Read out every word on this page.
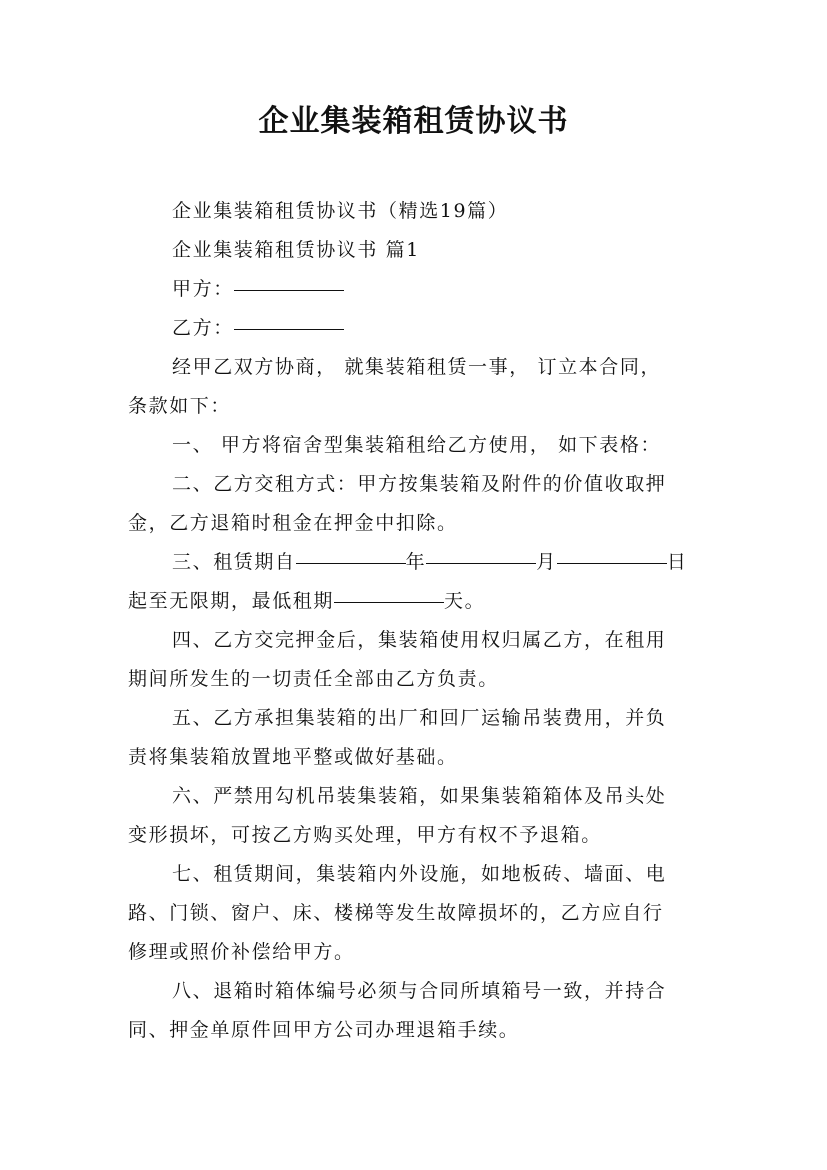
企业集装箱租赁协议书
企业集装箱租赁协议书（精选19篇）
企业集装箱租赁协议书 篇1
甲方：
乙方：
经甲乙双方协商， 就集装箱租赁一事， 订立本合同，
条款如下：
一、 甲方将宿舍型集装箱租给乙方使用， 如下表格：
二、乙方交租方式：甲方按集装箱及附件的价值收取押
金，乙方退箱时租金在押金中扣除。
三、租赁期自	年	月	日
起至无限期，最低租期	天。
四、乙方交完押金后，集装箱使用权归属乙方，在租用
期间所发生的一切责任全部由乙方负责。
五、乙方承担集装箱的出厂和回厂运输吊装费用，并负
责将集装箱放置地平整或做好基础。
六、严禁用勾机吊装集装箱，如果集装箱箱体及吊头处
变形损坏，可按乙方购买处理，甲方有权不予退箱。
七、租赁期间，集装箱内外设施，如地板砖、墙面、电
路、门锁、窗户、床、楼梯等发生故障损坏的，乙方应自行
修理或照价补偿给甲方。
八、退箱时箱体编号必须与合同所填箱号一致，并持合
同、押金单原件回甲方公司办理退箱手续。
